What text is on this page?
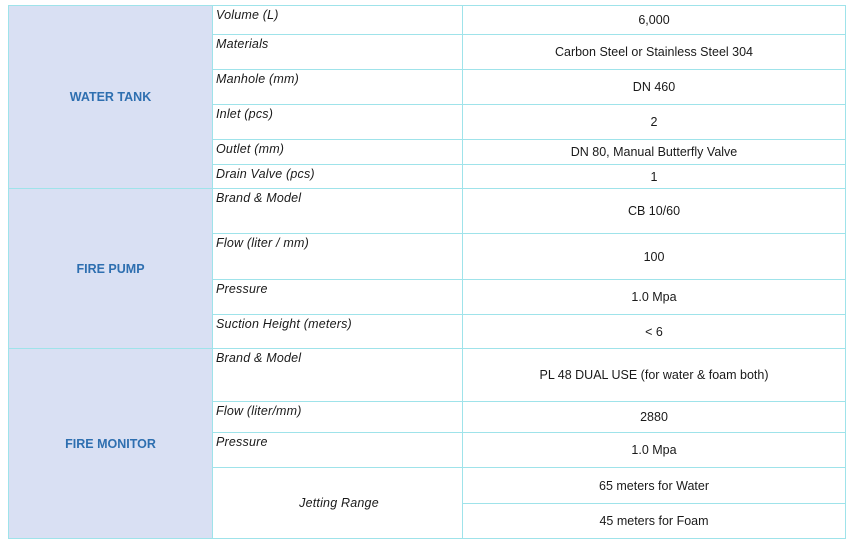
WATER TANK	Volume (L)	6,000
	Materials	Carbon Steel or Stainless Steel 304
	Manhole (mm)	DN 460
	Inlet (pcs)	2
	Outlet (mm)	DN 80, Manual Butterfly Valve
	Drain Valve (pcs)	1
FIRE PUMP	Brand & Model	CB 10/60
	Flow (liter / mm)	100
	Pressure	1.0 Mpa
	Suction Height (meters)	< 6
FIRE MONITOR	Brand & Model	PL 48 DUAL USE (for water & foam both)
	Flow (liter/mm)	2880
	Pressure	1.0 Mpa
	Jetting Range	65 meters for Water
		45 meters for Foam
